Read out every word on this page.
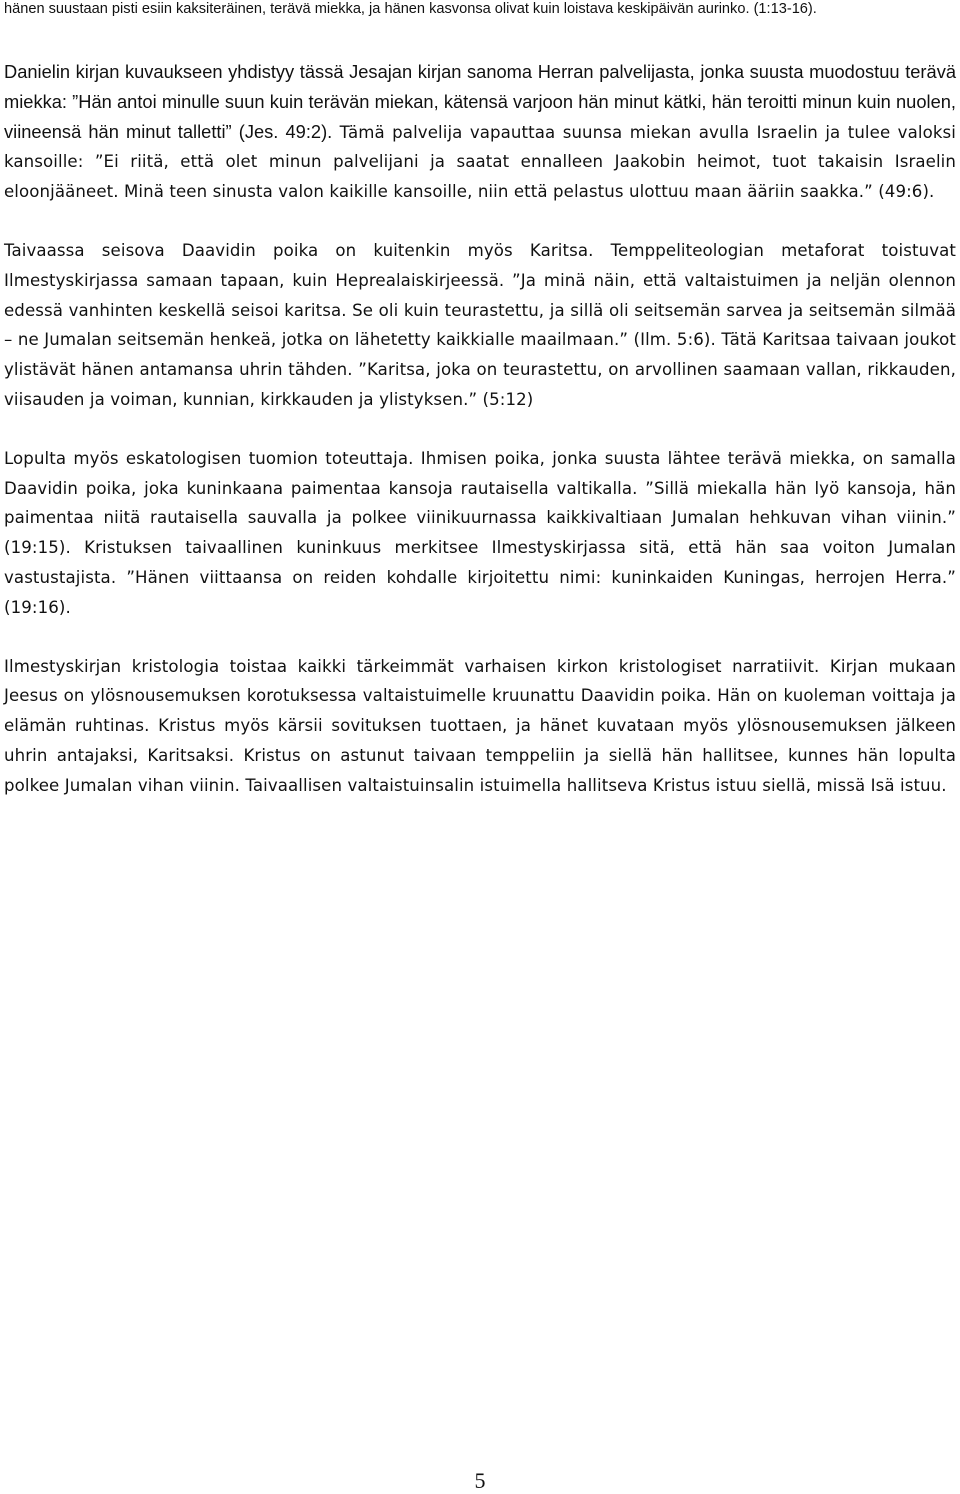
hänen suustaan pisti esiin kaksiteräinen, terävä miekka, ja hänen kasvonsa olivat kuin loistava keskipäivän aurinko. (1:13-16).

Danielin kirjan kuvaukseen yhdistyy tässä Jesajan kirjan sanoma Herran palvelijasta, jonka suusta muodostuu terävä miekka: ”Hän antoi minulle suun kuin terävän miekan, kätensä varjoon hän minut kätki, hän teroitti minun kuin nuolen, viineensä hän minut talletti” (Jes. 49:2). Tämä palvelija vapauttaa suunsa miekan avulla Israelin ja tulee valoksi kansoille: ”Ei riitä, että olet minun palvelijani ja saatat ennalleen Jaakobin heimot, tuot takaisin Israelin eloonjääneet. Minä teen sinusta valon kaikille kansoille, niin että pelastus ulottuu maan ääriin saakka.” (49:6).

Taivaassa seisova Daavidin poika on kuitenkin myös Karitsa. Temppeliteologian metaforat toistuvat Ilmestyskirjassa samaan tapaan, kuin Heprealaiskirjeessä. ”Ja minä näin, että valtaistuimen ja neljän olennon edessä vanhinten keskellä seisoi karitsa. Se oli kuin teurastettu, ja sillä oli seitsemän sarvea ja seitsemän silmää – ne Jumalan seitsemän henkeä, jotka on lähetetty kaikkialle maailmaan.” (Ilm. 5:6). Tätä Karitsaa taivaan joukot ylistävät hänen antamansa uhrin tähden. ”Karitsa, joka on teurastettu, on arvollinen saamaan vallan, rikkauden, viisauden ja voiman, kunnian, kirkkauden ja ylistyksen.” (5:12)

Lopulta myös eskatologisen tuomion toteuttaja. Ihmisen poika, jonka suusta lähtee terävä miekka, on samalla Daavidin poika, joka kuninkaana paimentaa kansoja rautaisella valtikalla. ”Sillä miekalla hän lyö kansoja, hän paimentaa niitä rautaisella sauvalla ja polkee viinikuurnassa kaikkivaltiaan Jumalan hehkuvan vihan viinin.” (19:15). Kristuksen taivaallinen kuninkuus merkitsee Ilmestyskirjassa sitä, että hän saa voiton Jumalan vastustajista. ”Hänen viittaansa on reiden kohdalle kirjoitettu nimi: kuninkaiden Kuningas, herrojen Herra.” (19:16).

Ilmestyskirjan kristologia toistaa kaikki tärkeimmät varhaisen kirkon kristologiset narratiivit. Kirjan mukaan Jeesus on ylösnousemuksen korotuksessa valtaistuimelle kruunattu Daavidin poika. Hän on kuoleman voittaja ja elämän ruhtinas. Kristus myös kärsii sovituksen tuottaen, ja hänet kuvataan myös ylösnousemuksen jälkeen uhrin antajaksi, Karitsaksi. Kristus on astunut taivaan temppeliin ja siellä hän hallitsee, kunnes hän lopulta polkee Jumalan vihan viinin. Taivaallisen valtaistuinsalin istuimella hallitseva Kristus istuu siellä, missä Isä istuu.

5
